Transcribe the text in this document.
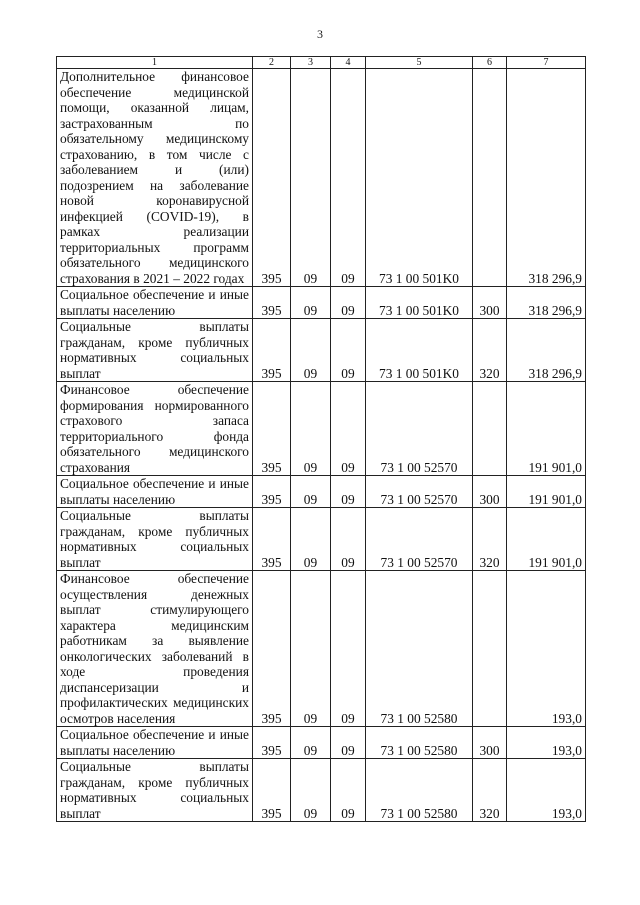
3
1	2	3	4	5	6	7
Дополнительное финансовое обеспечение медицинской помощи, оказанной лицам, застрахованным по обязательному медицинскому страхованию, в том числе с заболеванием и (или) подозрением на заболевание новой коронавирусной инфекцией (COVID-19), в рамках реализации территориальных программ обязательного медицинского страхования в 2021 – 2022 годах	395	09	09	73 1 00 501K0		318 296,9
Социальное обеспечение и иные выплаты населению	395	09	09	73 1 00 501K0	300	318 296,9
Социальные выплаты гражданам, кроме публичных нормативных социальных выплат	395	09	09	73 1 00 501K0	320	318 296,9
Финансовое обеспечение формирования нормированного страхового запаса территориального фонда обязательного медицинского страхования	395	09	09	73 1 00 52570		191 901,0
Социальное обеспечение и иные выплаты населению	395	09	09	73 1 00 52570	300	191 901,0
Социальные выплаты гражданам, кроме публичных нормативных социальных выплат	395	09	09	73 1 00 52570	320	191 901,0
Финансовое обеспечение осуществления денежных выплат стимулирующего характера медицинским работникам за выявление онкологических заболеваний в ходе проведения диспансеризации и профилактических медицинских осмотров населения	395	09	09	73 1 00 52580		193,0
Социальное обеспечение и иные выплаты населению	395	09	09	73 1 00 52580	300	193,0
Социальные выплаты гражданам, кроме публичных нормативных социальных выплат	395	09	09	73 1 00 52580	320	193,0
